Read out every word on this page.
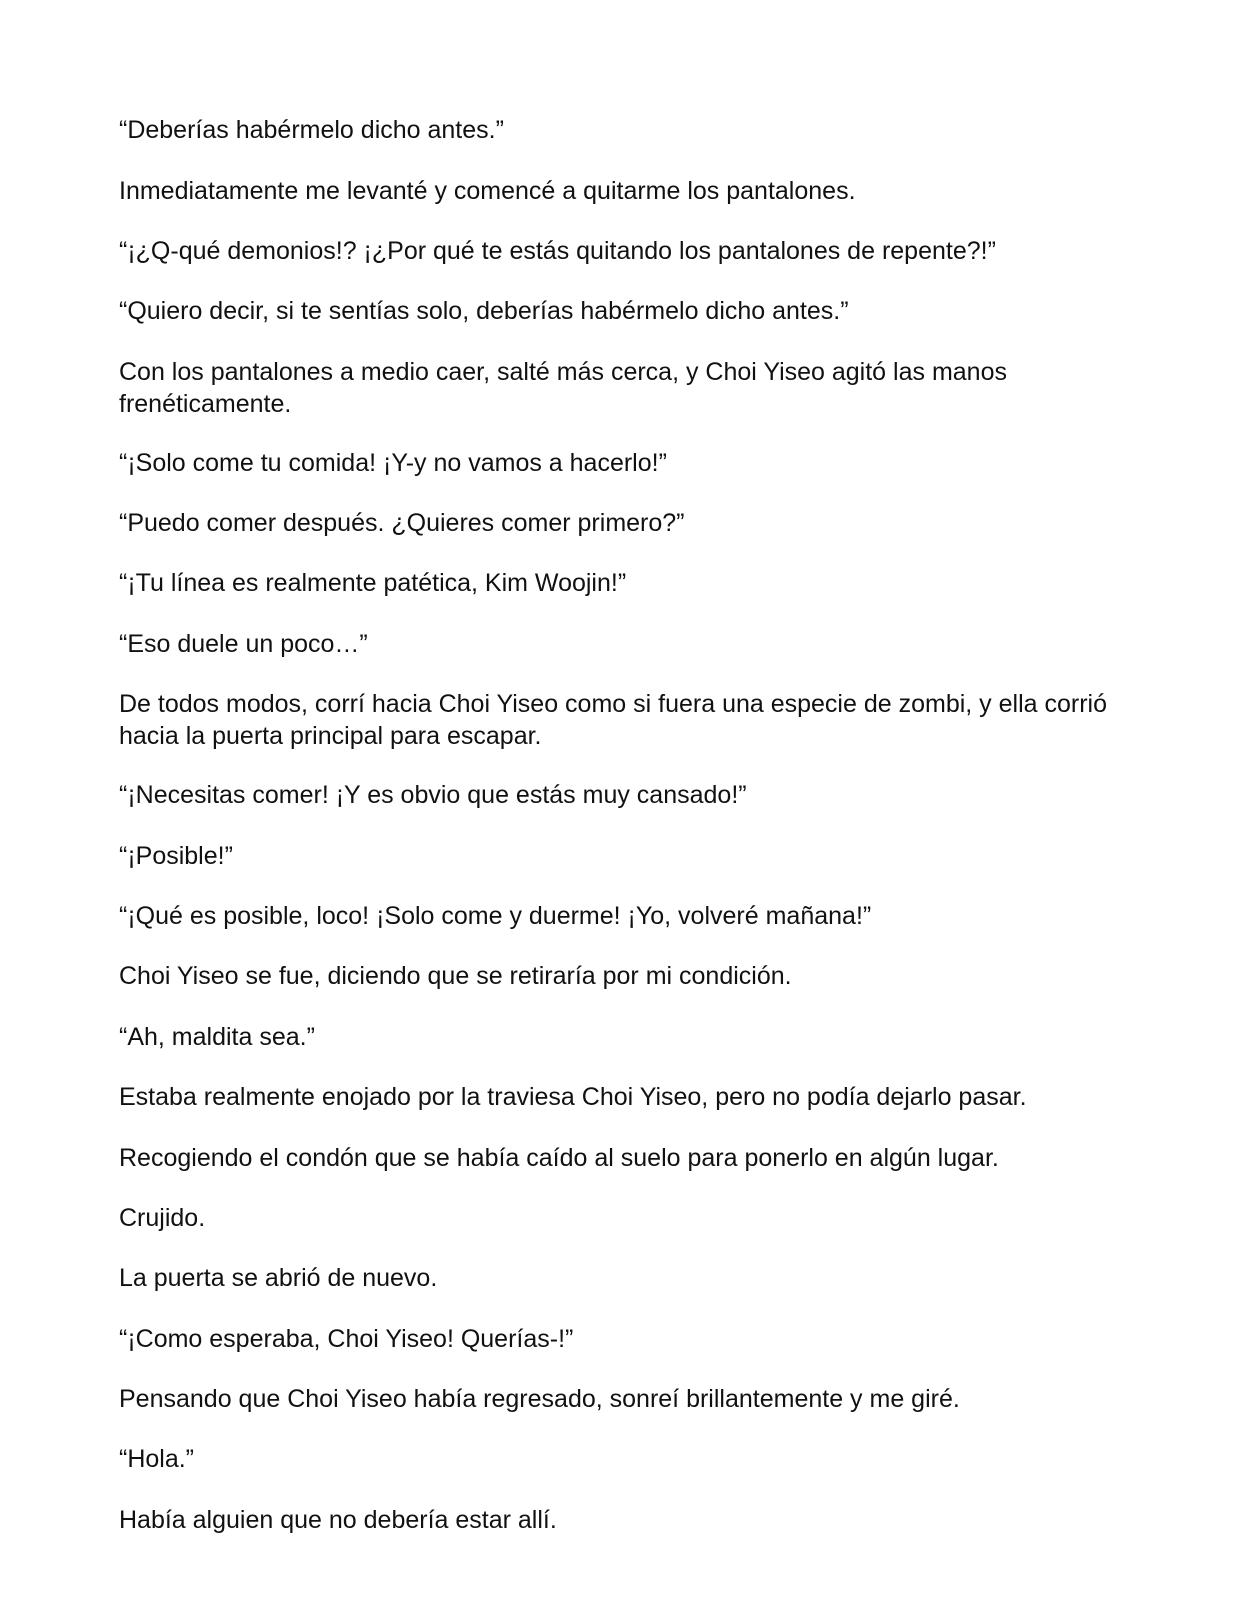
“Deberías habérmelo dicho antes.”

Inmediatamente me levanté y comencé a quitarme los pantalones.

“¡¿Q-qué demonios!? ¡¿Por qué te estás quitando los pantalones de repente?!”

“Quiero decir, si te sentías solo, deberías habérmelo dicho antes.”

Con los pantalones a medio caer, salté más cerca, y Choi Yiseo agitó las manos frenéticamente.

“¡Solo come tu comida! ¡Y-y no vamos a hacerlo!”

“Puedo comer después. ¿Quieres comer primero?”

“¡Tu línea es realmente patética, Kim Woojin!”

“Eso duele un poco…”

De todos modos, corrí hacia Choi Yiseo como si fuera una especie de zombi, y ella corrió hacia la puerta principal para escapar.

“¡Necesitas comer! ¡Y es obvio que estás muy cansado!”

“¡Posible!”

“¡Qué es posible, loco! ¡Solo come y duerme! ¡Yo, volveré mañana!”

Choi Yiseo se fue, diciendo que se retiraría por mi condición.

“Ah, maldita sea.”

Estaba realmente enojado por la traviesa Choi Yiseo, pero no podía dejarlo pasar.

Recogiendo el condón que se había caído al suelo para ponerlo en algún lugar.

Crujido.

La puerta se abrió de nuevo.

“¡Como esperaba, Choi Yiseo! Querías-!”

Pensando que Choi Yiseo había regresado, sonreí brillantemente y me giré.

“Hola.”

Había alguien que no debería estar allí.
